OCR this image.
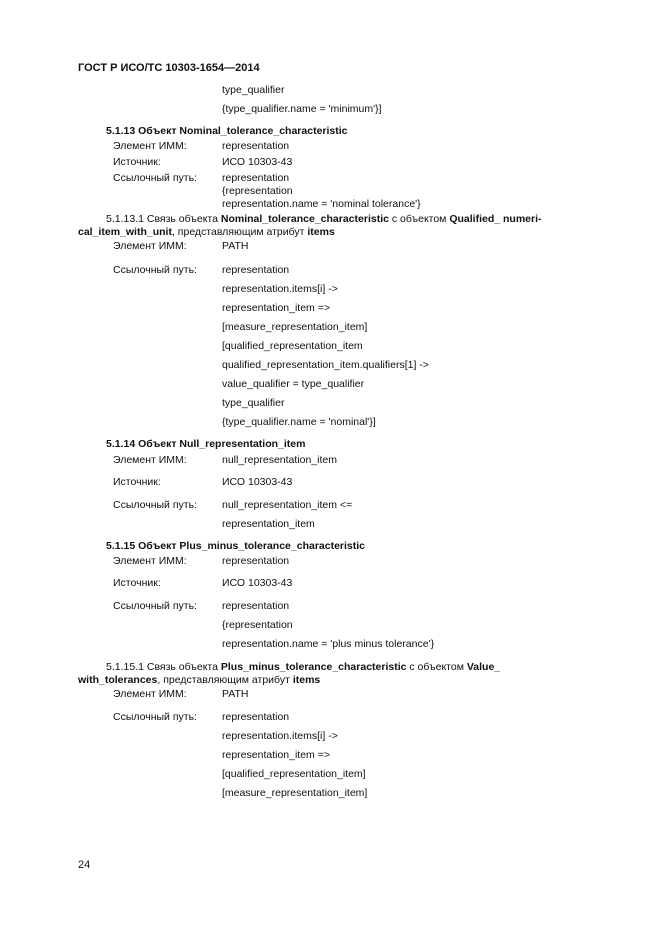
ГОСТ Р ИСО/ТС 10303-1654—2014
type_qualifier
{type_qualifier.name = 'minimum'}]
5.1.13 Объект Nominal_tolerance_characteristic
Элемент ИММ:	representation
Источник:	ИСО 10303-43
Ссылочный путь: representation
{representation
representation.name = 'nominal tolerance'}
5.1.13.1 Связь объекта Nominal_tolerance_characteristic с объектом Qualified_ numeri-
cal_item_with_unit, представляющим атрибут items
Элемент ИММ:	PATH
Ссылочный путь: representation
representation.items[i] ->
representation_item =>
[measure_representation_item]
[qualified_representation_item
qualified_representation_item.qualifiers[1] ->
value_qualifier = type_qualifier
type_qualifier
{type_qualifier.name = 'nominal'}]
5.1.14 Объект Null_representation_item
Элемент ИММ:	null_representation_item
Источник:	ИСО 10303-43
Ссылочный путь: null_representation_item <=
representation_item
5.1.15 Объект Plus_minus_tolerance_characteristic
Элемент ИММ:	representation
Источник:	ИСО 10303-43
Ссылочный путь: representation
{representation
representation.name = 'plus minus tolerance'}
5.1.15.1 Связь объекта Plus_minus_tolerance_characteristic с объектом Value_
with_tolerances, представляющим атрибут items
Элемент ИММ:	PATH
Ссылочный путь: representation
representation.items[i] ->
representation_item =>
[qualified_representation_item]
[measure_representation_item]
24
